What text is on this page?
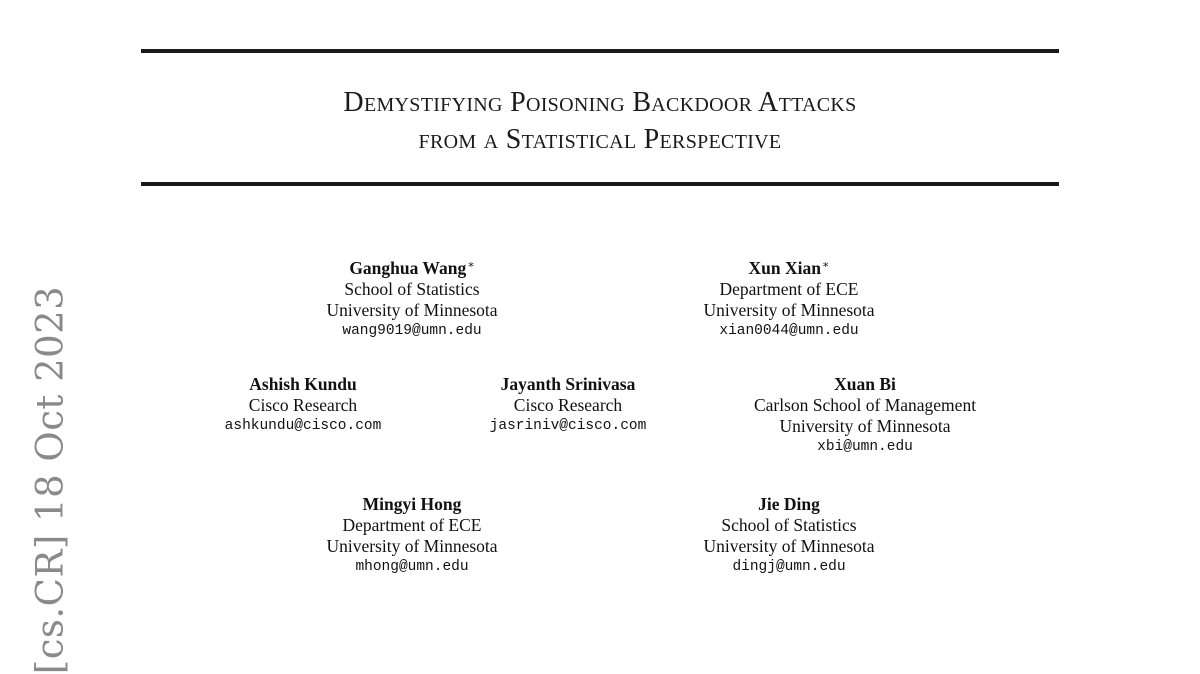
Demystifying Poisoning Backdoor Attacks
from a Statistical Perspective
Ganghua Wang∗
School of Statistics
University of Minnesota
wang9019@umn.edu
Xun Xian∗
Department of ECE
University of Minnesota
xian0044@umn.edu
Ashish Kundu
Cisco Research
ashkundu@cisco.com
Jayanth Srinivasa
Cisco Research
jasriniv@cisco.com
Xuan Bi
Carlson School of Management
University of Minnesota
xbi@umn.edu
Mingyi Hong
Department of ECE
University of Minnesota
mhong@umn.edu
Jie Ding
School of Statistics
University of Minnesota
dingj@umn.edu
[cs.CR] 18 Oct 2023
